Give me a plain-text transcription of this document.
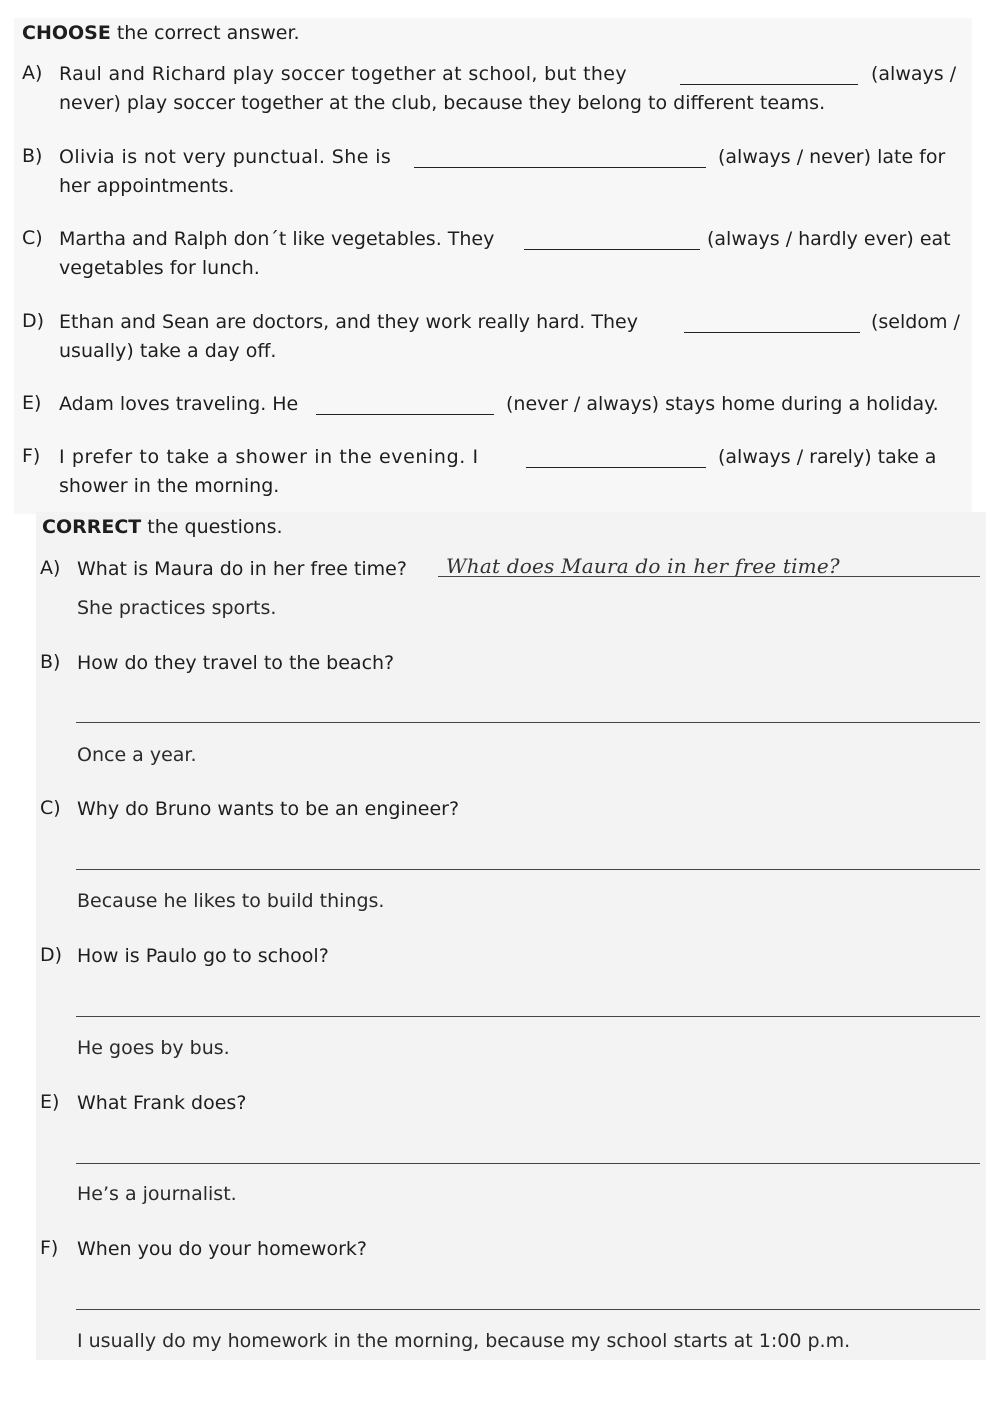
CHOOSE the correct answer.
A) Raul and Richard play soccer together at school, but they	(always /
never) play soccer together at the club, because they belong to different teams.
B) Olivia is not very punctual. She is	(always / never) late for
her appointments.
C) Martha and Ralph don´t like vegetables. They	(always / hardly ever) eat
vegetables for lunch.
D) Ethan and Sean are doctors, and they work really hard. They	(seldom /
usually) take a day off.
E) Adam loves traveling. He	(never / always) stays home during a holiday.
F) I prefer to take a shower in the evening. I	(always / rarely) take a
shower in the morning.
CORRECT the questions.
A) What is Maura do in her free time? What does Maura do in her free time?
She practices sports.
B) How do they travel to the beach?
Once a year.
C) Why do Bruno wants to be an engineer?
Because he likes to build things.
D) How is Paulo go to school?
He goes by bus.
E) What Frank does?
He’s a journalist.
F) When you do your homework?
I usually do my homework in the morning, because my school starts at 1:00 p.m.
